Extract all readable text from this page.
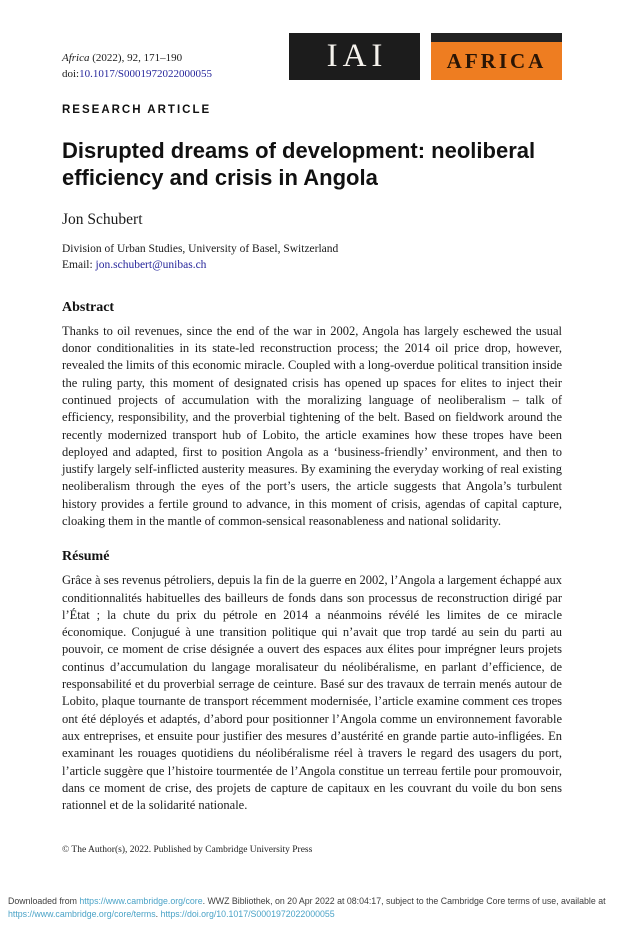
Africa (2022), 92, 171–190
doi:10.1017/S0001972022000055	IAI	AFRICA
RESEARCH ARTICLE
Disrupted dreams of development: neoliberal efficiency and crisis in Angola
Jon Schubert
Division of Urban Studies, University of Basel, Switzerland
Email: jon.schubert@unibas.ch
Abstract

Thanks to oil revenues, since the end of the war in 2002, Angola has largely eschewed the usual donor conditionalities in its state-led reconstruction process; the 2014 oil price drop, however, revealed the limits of this economic miracle. Coupled with a long-overdue political transition inside the ruling party, this moment of designated crisis has opened up spaces for elites to inject their continued projects of accumulation with the moralizing language of neoliberalism – talk of efficiency, responsibility, and the proverbial tightening of the belt. Based on fieldwork around the recently modernized transport hub of Lobito, the article examines how these tropes have been deployed and adapted, first to position Angola as a ‘business-friendly’ environment, and then to justify largely self-inflicted austerity measures. By examining the everyday working of real existing neoliberalism through the eyes of the port’s users, the article suggests that Angola’s turbulent history provides a fertile ground to advance, in this moment of crisis, agendas of capital capture, cloaking them in the mantle of common-sensical reasonableness and national solidarity.

Résumé

Grâce à ses revenus pétroliers, depuis la fin de la guerre en 2002, l’Angola a largement échappé aux conditionnalités habituelles des bailleurs de fonds dans son processus de reconstruction dirigé par l’État ; la chute du prix du pétrole en 2014 a néanmoins révélé les limites de ce miracle économique. Conjugué à une transition politique qui n’avait que trop tardé au sein du parti au pouvoir, ce moment de crise désignée a ouvert des espaces aux élites pour imprégner leurs projets continus d’accumulation du langage moralisateur du néolibéralisme, en parlant d’efficience, de responsabilité et du proverbial serrage de ceinture. Basé sur des travaux de terrain menés autour de Lobito, plaque tournante de transport récemment modernisée, l’article examine comment ces tropes ont été déployés et adaptés, d’abord pour positionner l’Angola comme un environnement favorable aux entreprises, et ensuite pour justifier des mesures d’austérité en grande partie auto-infligées. En examinant les rouages quotidiens du néolibéralisme réel à travers le regard des usagers du port, l’article suggère que l’histoire tourmentée de l’Angola constitue un terreau fertile pour promouvoir, dans ce moment de crise, des projets de capture de capitaux en les couvrant du voile du bon sens rationnel et de la solidarité nationale.

© The Author(s), 2022. Published by Cambridge University Press
Downloaded from https://www.cambridge.org/core. WWZ Bibliothek, on 20 Apr 2022 at 08:04:17, subject to the Cambridge Core terms of use, available at https://www.cambridge.org/core/terms. https://doi.org/10.1017/S0001972022000055
